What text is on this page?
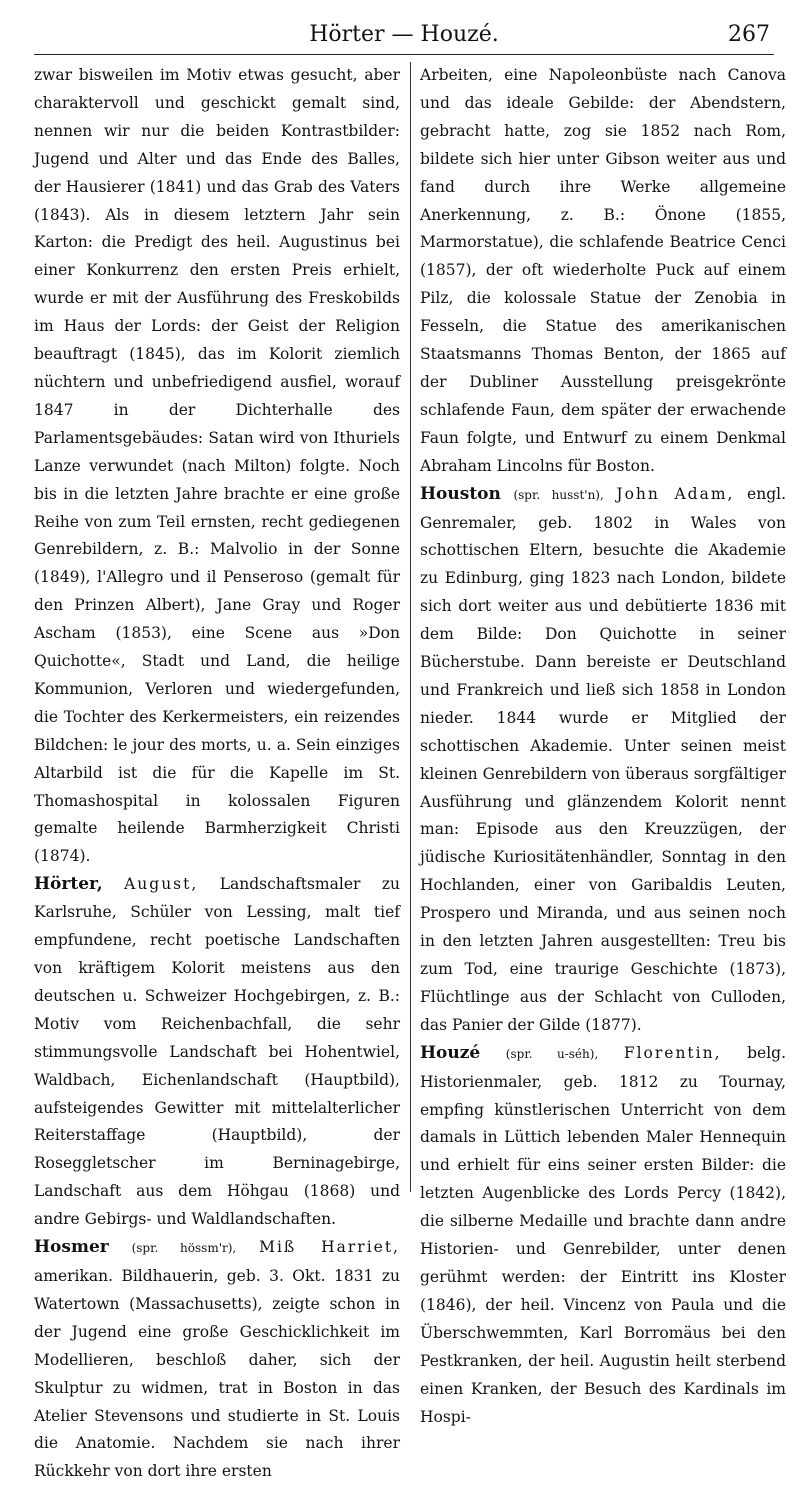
Hörter — Houzé.	267

zwar bisweilen im Motiv etwas gesucht, aber charaktervoll und geschickt gemalt sind, nennen wir nur die beiden Kontrastbilder: Jugend und Alter und das Ende des Balles, der Hausierer (1841) und das Grab des Vaters (1843). Als in diesem letztern Jahr sein Karton: die Predigt des heil. Augustinus bei einer Konkurrenz den ersten Preis erhielt, wurde er mit der Ausführung des Freskobilds im Haus der Lords: der Geist der Religion beauftragt (1845), das im Kolorit ziemlich nüchtern und unbefriedigend ausfiel, worauf 1847 in der Dichterhalle des Parlamentsgebäudes: Satan wird von Ithuriels Lanze verwundet (nach Milton) folgte. Noch bis in die letzten Jahre brachte er eine große Reihe von zum Teil ernsten, recht gediegenen Genrebildern, z. B.: Malvolio in der Sonne (1849), l'Allegro und il Penseroso (gemalt für den Prinzen Albert), Jane Gray und Roger Ascham (1853), eine Scene aus »Don Quichotte«, Stadt und Land, die heilige Kommunion, Verloren und wiedergefunden, die Tochter des Kerkermeisters, ein reizendes Bildchen: le jour des morts, u. a. Sein einziges Altarbild ist die für die Kapelle im St. Thomashospital in kolossalen Figuren gemalte heilende Barmherzigkeit Christi (1874).

Hörter, August, Landschaftsmaler zu Karlsruhe, Schüler von Lessing, malt tief empfundene, recht poetische Landschaften von kräftigem Kolorit meistens aus den deutschen u. Schweizer Hochgebirgen, z. B.: Motiv vom Reichenbachfall, die sehr stimmungsvolle Landschaft bei Hohentwiel, Waldbach, Eichenlandschaft (Hauptbild), aufsteigendes Gewitter mit mittelalterlicher Reiterstaffage (Hauptbild), der Roseggletscher im Berninagebirge, Landschaft aus dem Höhgau (1868) und andre Gebirgs- und Waldlandschaften.

Hosmer (spr. hössm'r), Miß Harriet, amerikan. Bildhauerin, geb. 3. Okt. 1831 zu Watertown (Massachusetts), zeigte schon in der Jugend eine große Geschicklichkeit im Modellieren, beschloß daher, sich der Skulptur zu widmen, trat in Boston in das Atelier Stevensons und studierte in St. Louis die Anatomie. Nachdem sie nach ihrer Rückkehr von dort ihre ersten

Arbeiten, eine Napoleonbüste nach Canova und das ideale Gebilde: der Abendstern, gebracht hatte, zog sie 1852 nach Rom, bildete sich hier unter Gibson weiter aus und fand durch ihre Werke allgemeine Anerkennung, z. B.: Önone (1855, Marmorstatue), die schlafende Beatrice Cenci (1857), der oft wiederholte Puck auf einem Pilz, die kolossale Statue der Zenobia in Fesseln, die Statue des amerikanischen Staatsmanns Thomas Benton, der 1865 auf der Dubliner Ausstellung preisgekrönte schlafende Faun, dem später der erwachende Faun folgte, und Entwurf zu einem Denkmal Abraham Lincolns für Boston.

Houston (spr. husst'n), John Adam, engl. Genremaler, geb. 1802 in Wales von schottischen Eltern, besuchte die Akademie zu Edinburg, ging 1823 nach London, bildete sich dort weiter aus und debütierte 1836 mit dem Bilde: Don Quichotte in seiner Bücherstube. Dann bereiste er Deutschland und Frankreich und ließ sich 1858 in London nieder. 1844 wurde er Mitglied der schottischen Akademie. Unter seinen meist kleinen Genrebildern von überaus sorgfältiger Ausführung und glänzendem Kolorit nennt man: Episode aus den Kreuzzügen, der jüdische Kuriositätenhändler, Sonntag in den Hochlanden, einer von Garibaldis Leuten, Prospero und Miranda, und aus seinen noch in den letzten Jahren ausgestellten: Treu bis zum Tod, eine traurige Geschichte (1873), Flüchtlinge aus der Schlacht von Culloden, das Panier der Gilde (1877).

Houzé (spr. u-séh), Florentin, belg. Historienmaler, geb. 1812 zu Tournay, empfing künstlerischen Unterricht von dem damals in Lüttich lebenden Maler Hennequin und erhielt für eins seiner ersten Bilder: die letzten Augenblicke des Lords Percy (1842), die silberne Medaille und brachte dann andre Historien- und Genrebilder, unter denen gerühmt werden: der Eintritt ins Kloster (1846), der heil. Vincenz von Paula und die Überschwemmten, Karl Borromäus bei den Pestkranken, der heil. Augustin heilt sterbend einen Kranken, der Besuch des Kardinals im Hospi-
